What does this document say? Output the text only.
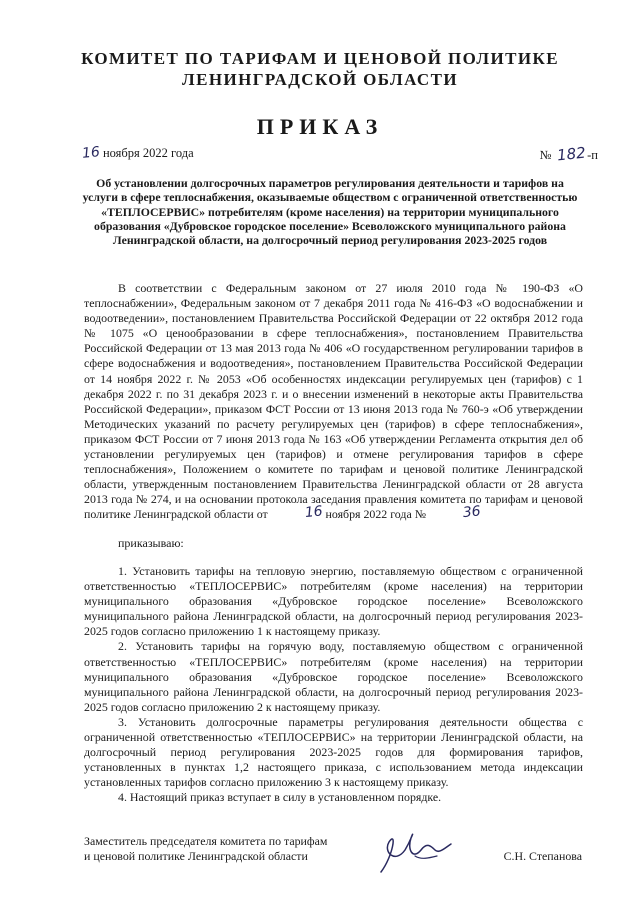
КОМИТЕТ ПО ТАРИФАМ И ЦЕНОВОЙ ПОЛИТИКЕ
ЛЕНИНГРАДСКОЙ ОБЛАСТИ
ПРИКАЗ
16 ноября 2022 года	№ 182-п
Об установлении долгосрочных параметров регулирования деятельности и тарифов на услуги в сфере теплоснабжения, оказываемые обществом с ограниченной ответственностью «ТЕПЛОСЕРВИС» потребителям (кроме населения) на территории муниципального образования «Дубровское городское поселение» Всеволожского муниципального района Ленинградской области, на долгосрочный период регулирования 2023-2025 годов
В соответствии с Федеральным законом от 27 июля 2010 года № 190-ФЗ «О теплоснабжении», Федеральным законом от 7 декабря 2011 года № 416-ФЗ «О водоснабжении и водоотведении», постановлением Правительства Российской Федерации от 22 октября 2012 года № 1075 «О ценообразовании в сфере теплоснабжения», постановлением Правительства Российской Федерации от 13 мая 2013 года № 406 «О государственном регулировании тарифов в сфере водоснабжения и водоотведения», постановлением Правительства Российской Федерации от 14 ноября 2022 г. № 2053 «Об особенностях индексации регулируемых цен (тарифов) с 1 декабря 2022 г. по 31 декабря 2023 г. и о внесении изменений в некоторые акты Правительства Российской Федерации», приказом ФСТ России от 13 июня 2013 года № 760-э «Об утверждении Методических указаний по расчету регулируемых цен (тарифов) в сфере теплоснабжения», приказом ФСТ России от 7 июня 2013 года № 163 «Об утверждении Регламента открытия дел об установлении регулируемых цен (тарифов) и отмене регулирования тарифов в сфере теплоснабжения», Положением о комитете по тарифам и ценовой политике Ленинградской области, утвержденным постановлением Правительства Ленинградской области от 28 августа 2013 года № 274, и на основании протокола заседания правления комитета по тарифам и ценовой политике Ленинградской области от	16 ноября 2022 года №	36
приказываю:

1. Установить тарифы на тепловую энергию, поставляемую обществом с ограниченной ответственностью «ТЕПЛОСЕРВИС» потребителям (кроме населения) на территории муниципального образования «Дубровское городское поселение» Всеволожского муниципального района Ленинградской области, на долгосрочный период регулирования 2023-2025 годов согласно приложению 1 к настоящему приказу.

2. Установить тарифы на горячую воду, поставляемую обществом с ограниченной ответственностью «ТЕПЛОСЕРВИС» потребителям (кроме населения) на территории муниципального образования «Дубровское городское поселение» Всеволожского муниципального района Ленинградской области, на долгосрочный период регулирования 2023-2025 годов согласно приложению 2 к настоящему приказу.

3. Установить долгосрочные параметры регулирования деятельности общества с ограниченной ответственностью «ТЕПЛОСЕРВИС» на территории Ленинградской области, на долгосрочный период регулирования 2023-2025 годов для формирования тарифов, установленных в пунктах 1,2 настоящего приказа, с использованием метода индексации установленных тарифов согласно приложению 3 к настоящему приказу.

4. Настоящий приказ вступает в силу в установленном порядке.

Заместитель председателя комитета по тарифам
и ценовой политике Ленинградской области	С.Н. Степанова
